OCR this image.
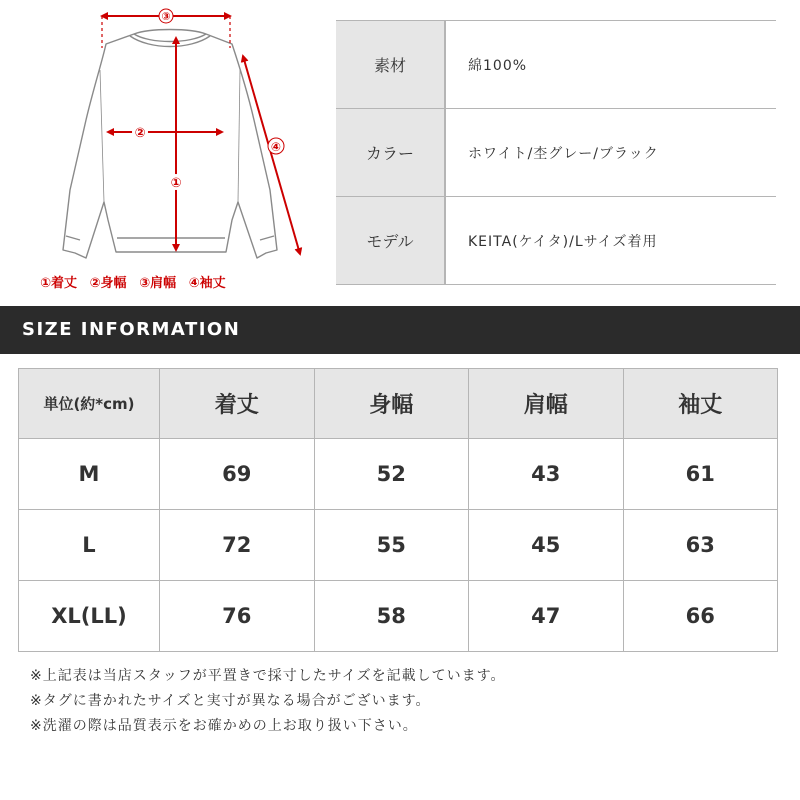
③
②
①
④
①着丈 ②身幅 ③肩幅 ④袖丈
素材	綿100%
カラー	ホワイト/杢グレー/ブラック
モデル	KEITA(ケイタ)/Lサイズ着用
SIZE INFORMATION
単位(約*cm)	着丈	身幅	肩幅	袖丈
M	69	52	43	61
L	72	55	45	63
XL(LL)	76	58	47	66
※上記表は当店スタッフが平置きで採寸したサイズを記載しています。
※タグに書かれたサイズと実寸が異なる場合がございます。
※洗濯の際は品質表示をお確かめの上お取り扱い下さい。
